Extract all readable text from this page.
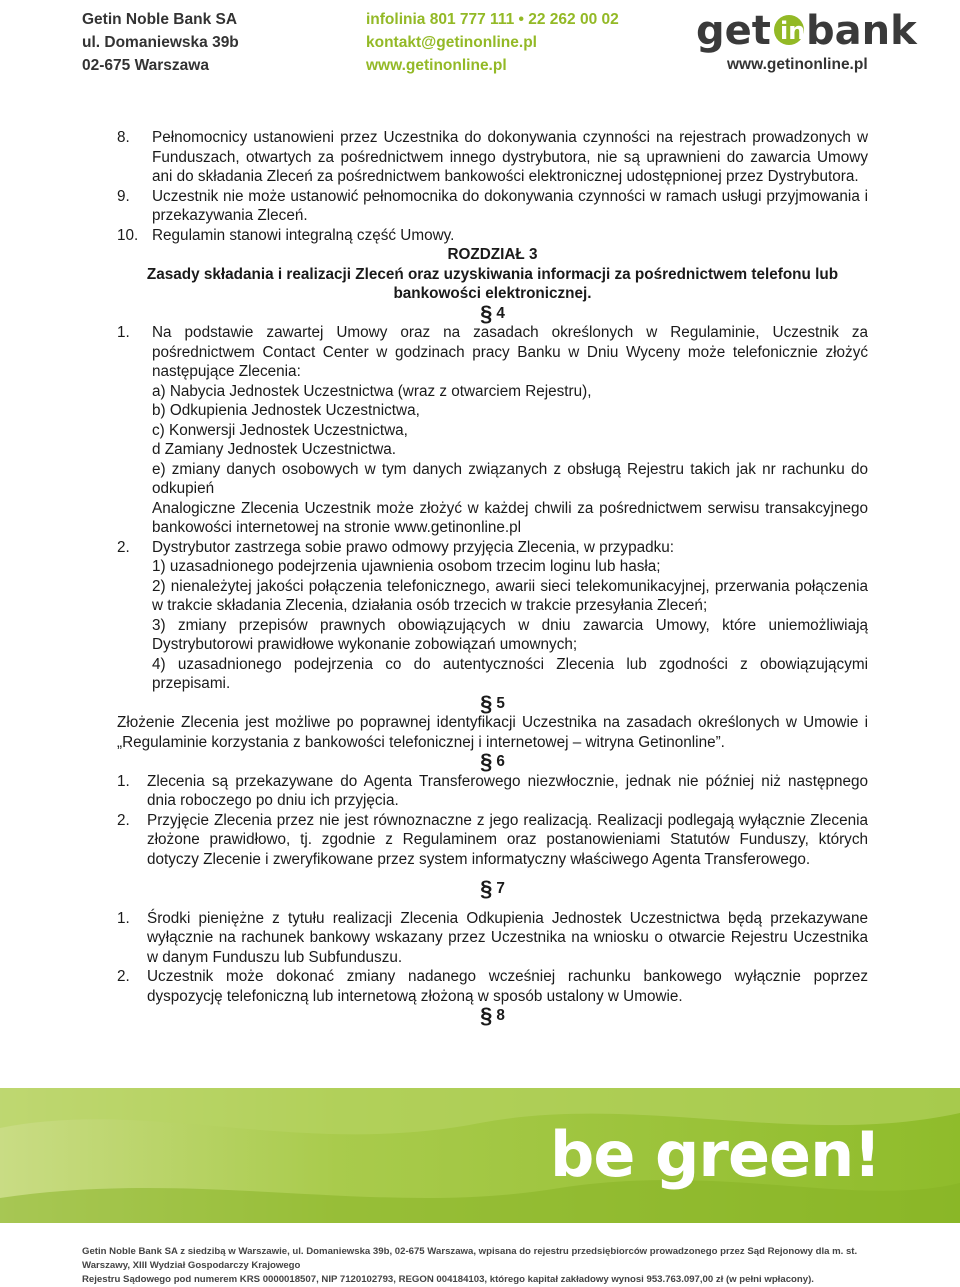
Getin Noble Bank SA
ul. Domaniewska 39b
02-675 Warszawa
infolinia 801 777 111 • 22 262 00 02
kontakt@getinonline.pl
www.getinonline.pl
get in bank
www.getinonline.pl
8. Pełnomocnicy ustanowieni przez Uczestnika do dokonywania czynności na rejestrach prowadzonych w Funduszach, otwartych za pośrednictwem innego dystrybutora, nie są uprawnieni do zawarcia Umowy ani do składania Zleceń za pośrednictwem bankowości elektronicznej udostępnionej przez Dystrybutora.
9. Uczestnik nie może ustanowić pełnomocnika do dokonywania czynności w ramach usługi przyjmowania i przekazywania Zleceń.
10. Regulamin stanowi integralną część Umowy.
ROZDZIAŁ 3
Zasady składania i realizacji Zleceń oraz uzyskiwania informacji za pośrednictwem telefonu lub bankowości elektronicznej.
§ 4
1. Na podstawie zawartej Umowy oraz na zasadach określonych w Regulaminie, Uczestnik za pośrednictwem Contact Center w godzinach pracy Banku w Dniu Wyceny może telefonicznie złożyć następujące Zlecenia:
a) Nabycia Jednostek Uczestnictwa (wraz z otwarciem Rejestru),
b) Odkupienia Jednostek Uczestnictwa,
c) Konwersji Jednostek Uczestnictwa,
d Zamiany Jednostek Uczestnictwa.
e) zmiany danych osobowych w tym danych związanych z obsługą Rejestru takich jak nr rachunku do odkupień
Analogiczne Zlecenia Uczestnik może złożyć w każdej chwili za pośrednictwem serwisu transakcyjnego bankowości internetowej na stronie www.getinonline.pl
2. Dystrybutor zastrzega sobie prawo odmowy przyjęcia Zlecenia, w przypadku:
1) uzasadnionego podejrzenia ujawnienia osobom trzecim loginu lub hasła;
2) nienależytej jakości połączenia telefonicznego, awarii sieci telekomunikacyjnej, przerwania połączenia w trakcie składania Zlecenia, działania osób trzecich w trakcie przesyłania Zleceń;
3) zmiany przepisów prawnych obowiązujących w dniu zawarcia Umowy, które uniemożliwiają Dystrybutorowi prawidłowe wykonanie zobowiązań umownych;
4) uzasadnionego podejrzenia co do autentyczności Zlecenia lub zgodności z obowiązującymi przepisami.
§ 5
Złożenie Zlecenia jest możliwe po poprawnej identyfikacji Uczestnika na zasadach określonych w Umowie i „Regulaminie korzystania z bankowości telefonicznej i internetowej – witryna Getinonline”.
§ 6
1. Zlecenia są przekazywane do Agenta Transferowego niezwłocznie, jednak nie później niż następnego dnia roboczego po dniu ich przyjęcia.
2. Przyjęcie Zlecenia przez nie jest równoznaczne z jego realizacją. Realizacji podlegają wyłącznie Zlecenia złożone prawidłowo, tj. zgodnie z Regulaminem oraz postanowieniami Statutów Funduszy, których dotyczy Zlecenie i zweryfikowane przez system informatyczny właściwego Agenta Transferowego.
§ 7
1. Środki pieniężne z tytułu realizacji Zlecenia Odkupienia Jednostek Uczestnictwa będą przekazywane wyłącznie na rachunek bankowy wskazany przez Uczestnika na wniosku o otwarcie Rejestru Uczestnika w danym Funduszu lub Subfunduszu.
2. Uczestnik może dokonać zmiany nadanego wcześniej rachunku bankowego wyłącznie poprzez dyspozycję telefoniczną lub internetową złożoną w sposób ustalony w Umowie.
§ 8
be green!
Getin Noble Bank SA z siedzibą w Warszawie, ul. Domaniewska 39b, 02-675 Warszawa, wpisana do rejestru przedsiębiorców prowadzonego przez Sąd Rejonowy dla m. st. Warszawy, XIII Wydział Gospodarczy Krajowego
Rejestru Sądowego pod numerem KRS 0000018507, NIP 7120102793, REGON 004184103, którego kapitał zakładowy wynosi 953.763.097,00 zł (w pełni wpłacony).
